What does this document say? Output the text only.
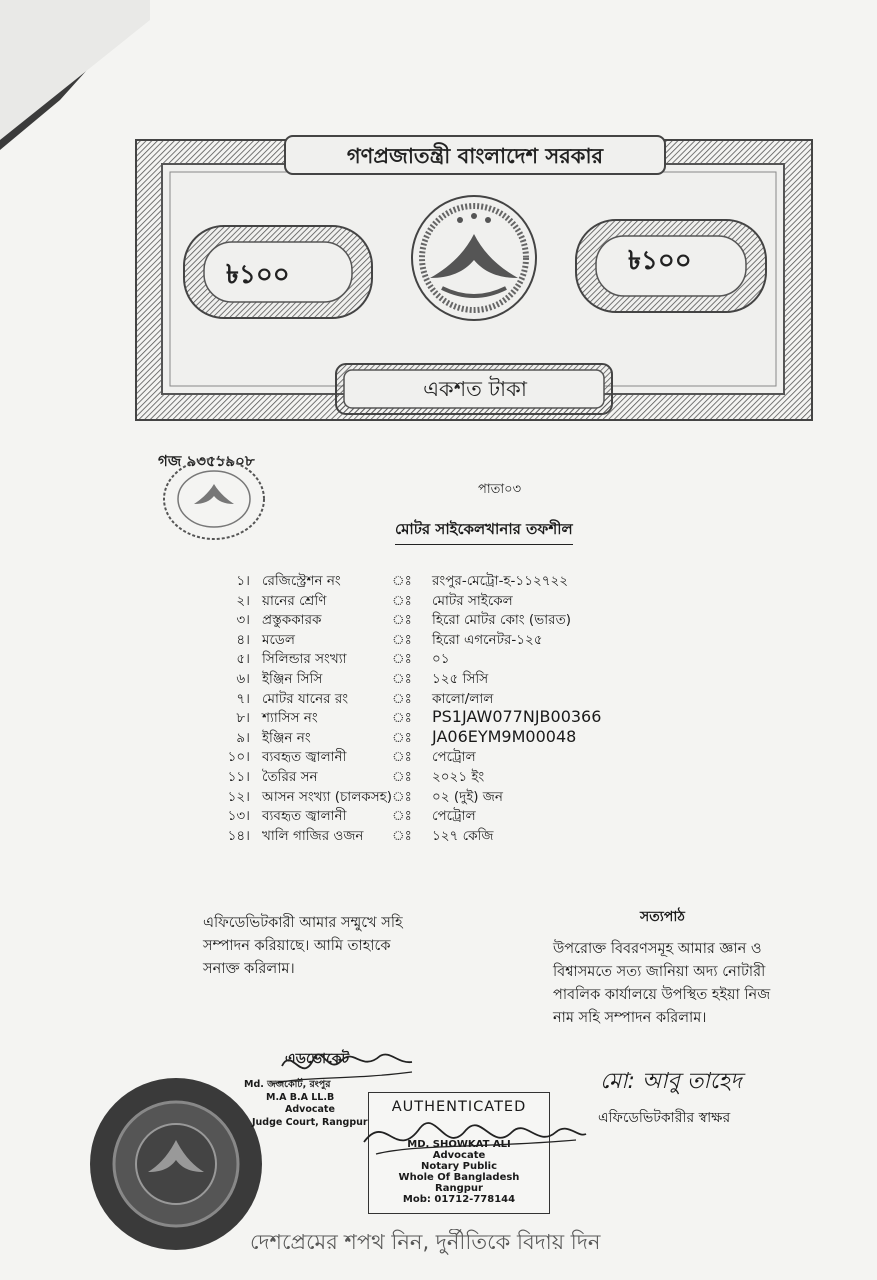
গণপ্রজাতন্ত্রী বাংলাদেশ সরকার
৳১০০	৳১০০
একশত টাকা
গজ ৯৩৫১৯০৮
পাতা০৩
মোটর সাইকেলখানার তফশীল
১। রেজিস্ট্রেশন নং	ঃ রংপুর-মেট্রো-হ-১১২৭২২
২। য়ানের শ্রেণি	ঃ মোটর সাইকেল
৩। প্রস্তুককারক	ঃ হিরো মোটর কোং (ভারত)
৪। মডেল	ঃ হিরো এগনেটর-১২৫
৫। সিলিন্ডার সংখ্যা	ঃ ০১
৬। ইঞ্জিন সিসি	ঃ ১২৫ সিসি
৭। মোটর যানের রং	ঃ কালো/লাল
৮। শ্যাসিস নং	ঃ PS1JAW077NJB00366
৯। ইঞ্জিন নং	ঃ JA06EYM9M00048
১০। ব্যবহৃত জ্বালানী	ঃ পেট্রোল
১১। তৈরির সন	ঃ ২০২১ ইং
১২। আসন সংখ্যা (চালকসহ) ঃ ০২ (দুই) জন
১৩। ব্যবহৃত জ্বালানী	ঃ পেট্রোল
১৪। খালি গাজির ওজন ঃ ১২৭ কেজি
এফিডেভিটকারী আমার সম্মুখে সহি
সম্পাদন করিয়াছে। আমি তাহাকে
সনাক্ত করিলাম।
সত্যপাঠ
উপরোক্ত বিবরণসমূহ আমার জ্ঞান ও
বিশ্বাসমতে সত্য জানিয়া অদ্য নোটারী
পাবলিক কার্যালয়ে উপস্থিত হইয়া নিজ
নাম সহি সম্পাদন করিলাম।
এডভোকেট
Md. জজকোর্ট, রংপুর
M.A B.A LL.B
Advocate
Judge Court, Rangpur
AUTHENTICATED
MD. SHOWKAT ALI
Advocate
Notary Public
Whole Of Bangladesh
Rangpur
Mob: 01712-778144
মো: আবু তাহেদ
এফিডেভিটকারীর স্বাক্ষর
দেশপ্রেমের শপথ নিন, দুর্নীতিকে বিদায় দিন
